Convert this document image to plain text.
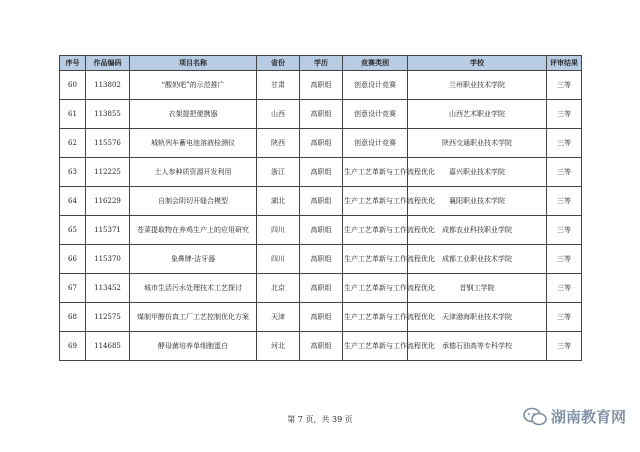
序号	作品编码	项目名称	省份	学历	竞赛类别	学校	评审结果
60	113802	“酸奶吧”的示范推广	甘肃	高职组	创意设计竞赛	兰州职业技术学院	三等
61	113855	衣架提把便携器	山西	高职组	创意设计竞赛	山西艺术职业学院	三等
62	115576	城轨列车蓄电池溶液检测仪	陕西	高职组	创意设计竞赛	陕西交通职业技术学院	三等
63	112225	土人参种质资源开发利用	浙江	高职组	生产工艺革新与工作流程优化	嘉兴职业技术学院	三等
64	116229	自制会阴切开缝合模型	湖北	高职组	生产工艺革新与工作流程优化	襄阳职业技术学院	三等
65	115371	苍菜提取物在养鸡生产上的应用研究	四川	高职组	生产工艺革新与工作流程优化	成都农业科技职业学院	三等
66	115370	象鼻牌-洁牙器	四川	高职组	生产工艺革新与工作流程优化	成都工业职业技术学院	三等
67	113452	城市生活污水处理技术工艺探讨	北京	高职组	生产工艺革新与工作流程优化	首钢工学院	三等
68	112575	煤制甲醇仿真工厂工艺控制优化方案	天津	高职组	生产工艺革新与工作流程优化	天津渤海职业技术学院	三等
69	114685	酵母菌培养单细胞蛋白	河北	高职组	生产工艺革新与工作流程优化	承德石油高等专科学校	三等
第 7 页，共 39 页	湖南教育网
